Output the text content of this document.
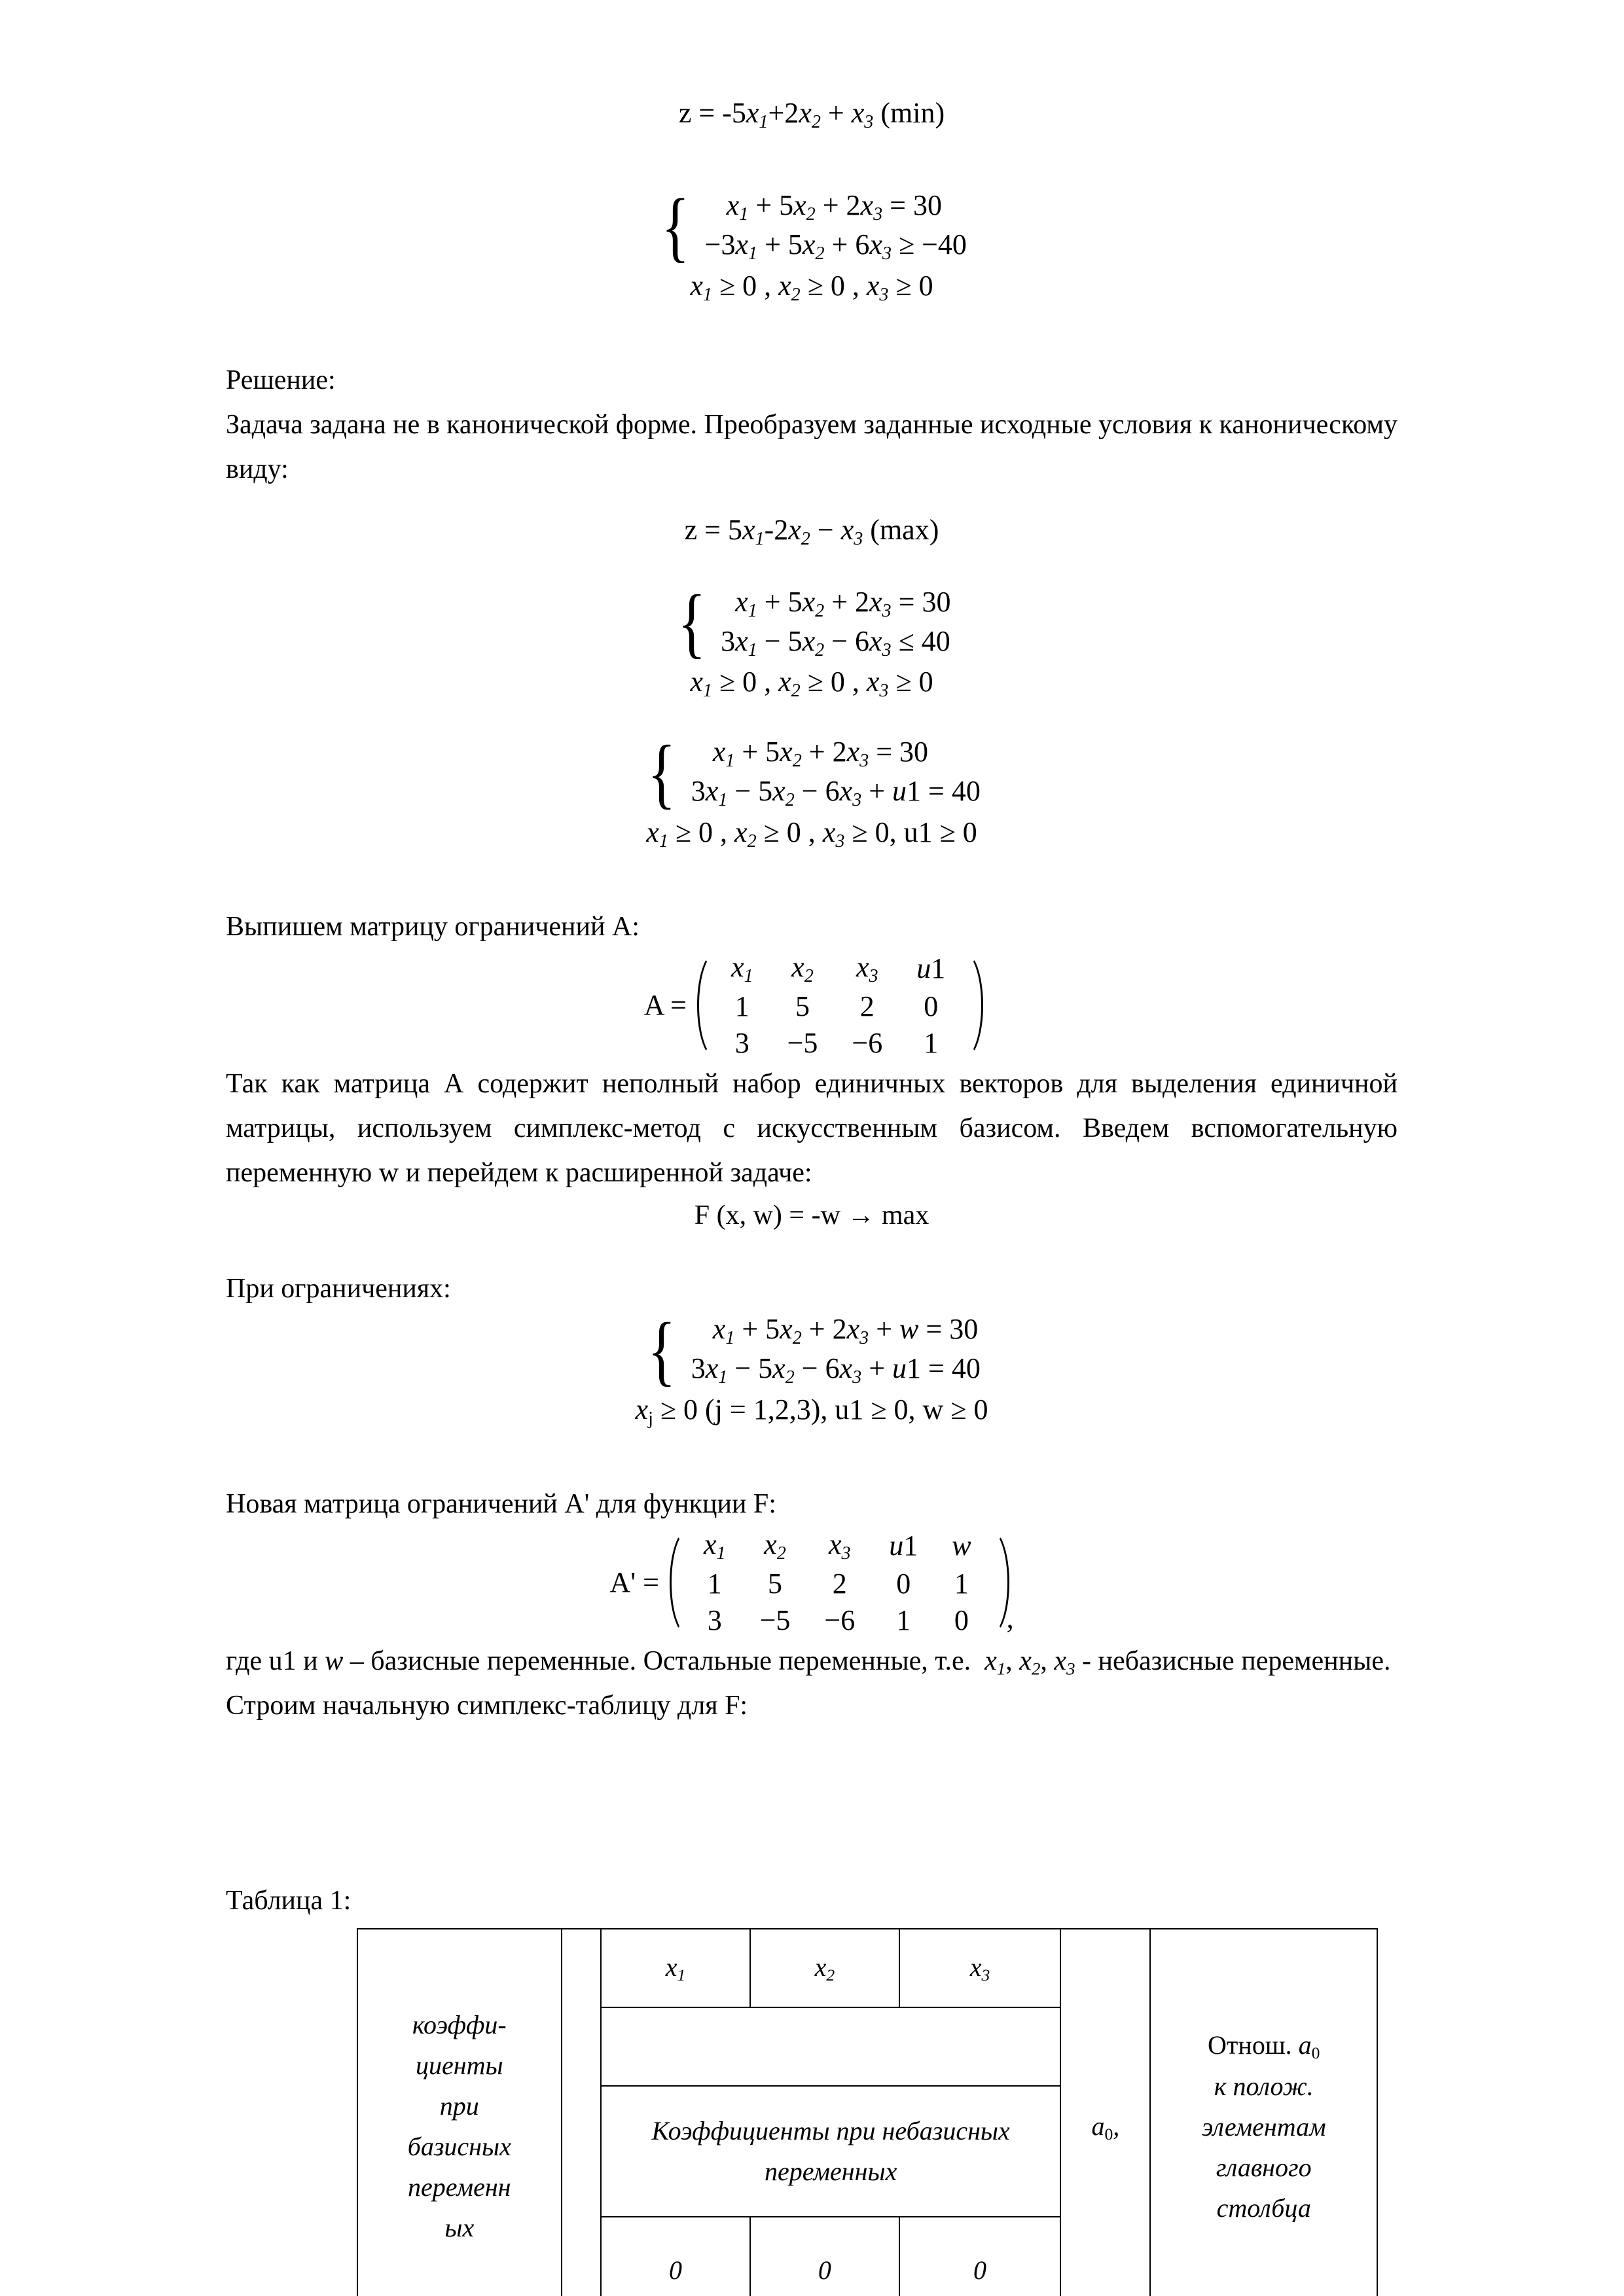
$z = -5x_1+2x_2 + x_3$ (min)
{	$x_1 + 5x_2 + 2x_3 = 30$
$-3x_1 + 5x_2 + 6x_3 \ge -40$
$x_1 \ge 0$ , $x_2 \ge 0$ , $x_3 \ge 0$

Решение:

Задача задана не в канонической форме. Преобразуем заданные исходные условия к каноническому виду:

$z = 5x_1-2x_2 - x_3$ (max)
{	$x_1 + 5x_2 + 2x_3 = 30$
$3x_1 - 5x_2 - 6x_3 \le 40$
$x_1 \ge 0$ , $x_2 \ge 0$ , $x_3 \ge 0$
{	$x_1 + 5x_2 + 2x_3 = 30$
$3x_1 - 5x_2 - 6x_3 + u1 = 40$
$x_1 \ge 0$ , $x_2 \ge 0$ , $x_3 \ge 0$, u1 ≥ 0

Выпишем матрицу ограничений А:

A =
$x_1$	$x_2$	$x_3$	u1
1	5	2	0
3	−5	−6	1

Так как матрица А содержит неполный набор единичных векторов для выделения единичной матрицы, используем симплекс-метод с искусственным базисом. Введем вспомогательную переменную w и перейдем к расширенной задаче:

F (x, w) = -w → max

При ограничениях:

{	$x_1 + 5x_2 + 2x_3 + w = 30$
$3x_1 - 5x_2 - 6x_3 + u1 = 40$
$x_j \ge 0$ (j = 1,2,3), u1 ≥ 0, w ≥ 0

Новая матрица ограничений А' для функции F:

A' =
$x_1$	$x_2$	$x_3$	u1	w
1	5	2	0	1
3	−5	−6	1	0 ,

где u1 и w – базисные переменные. Остальные переменные, т.е.  $x_1$, $x_2$, $x_3$ - небазисные переменные.  Строим начальную симплекс-таблицу для F:

Таблица 1:

коэффи-
циенты
при
базисных
переменн
ых		$x_1$	$x_2$	$x_3$	$a_0$,	Отнош. $a_0$
к полож.
элементам
главного
столбца

		Коэффициенты при небазисных
переменных				
		0	0	0		
